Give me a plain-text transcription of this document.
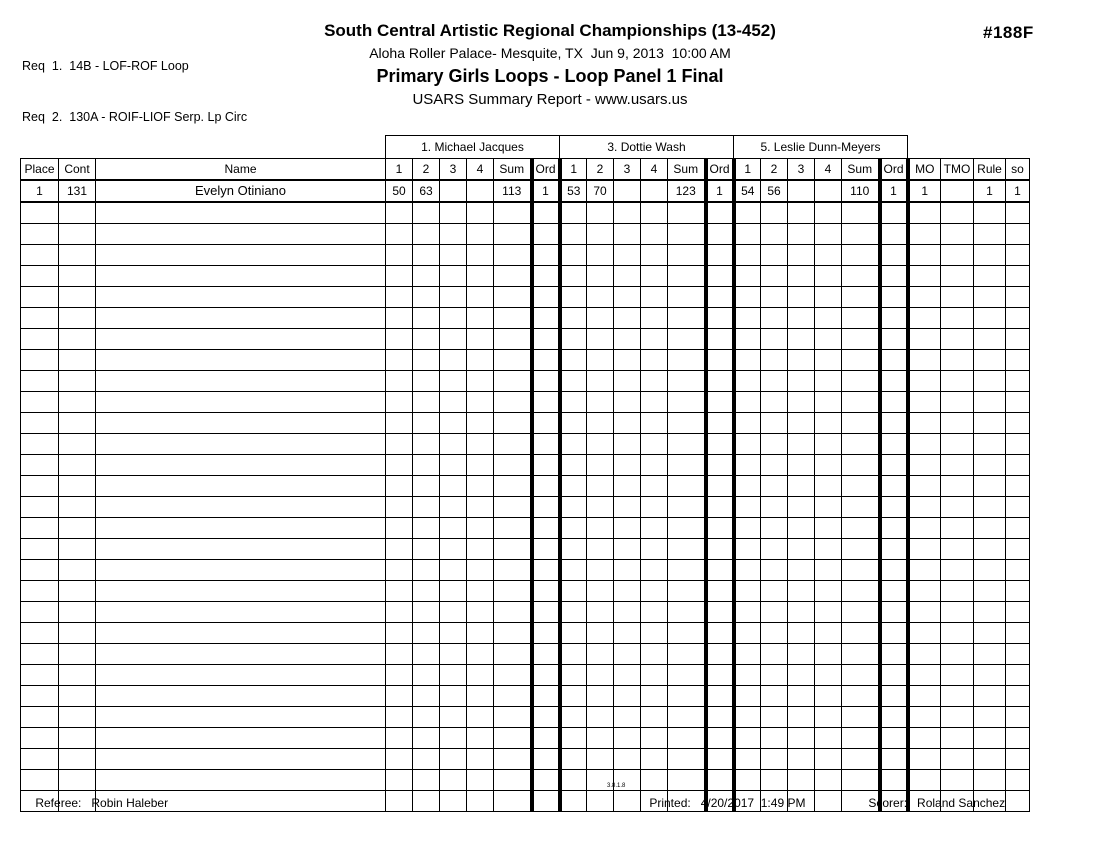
Req  1.  14B - LOF-ROF Loop

Req  2.  130A - ROIF-LIOF Serp. Lp Circ

South Central Artistic Regional Championships (13-452)
Aloha Roller Palace- Mesquite, TX  Jun 9, 2013  10:00 AM
Primary Girls Loops - Loop Panel 1 Final
USARS Summary Report - www.usars.us
#188F
			1. Michael Jacques						3. Dottie Wash						5. Leslie Dunn-Meyers									
Place	Cont	Name	1	2	3	4	Sum	Ord	1	2	3	4	Sum	Ord	1	2	3	4	Sum	Ord	MO	TMO	Rule	so
1	131	Evelyn Otiniano	50	63			113	1	53	70			123	1	54	56			110	1	1		1	1

Referee: Robin Haleber

3.8.1.8

Printed: 4/20/2017  1:49 PM
	Scorer: Roland Sanchez
